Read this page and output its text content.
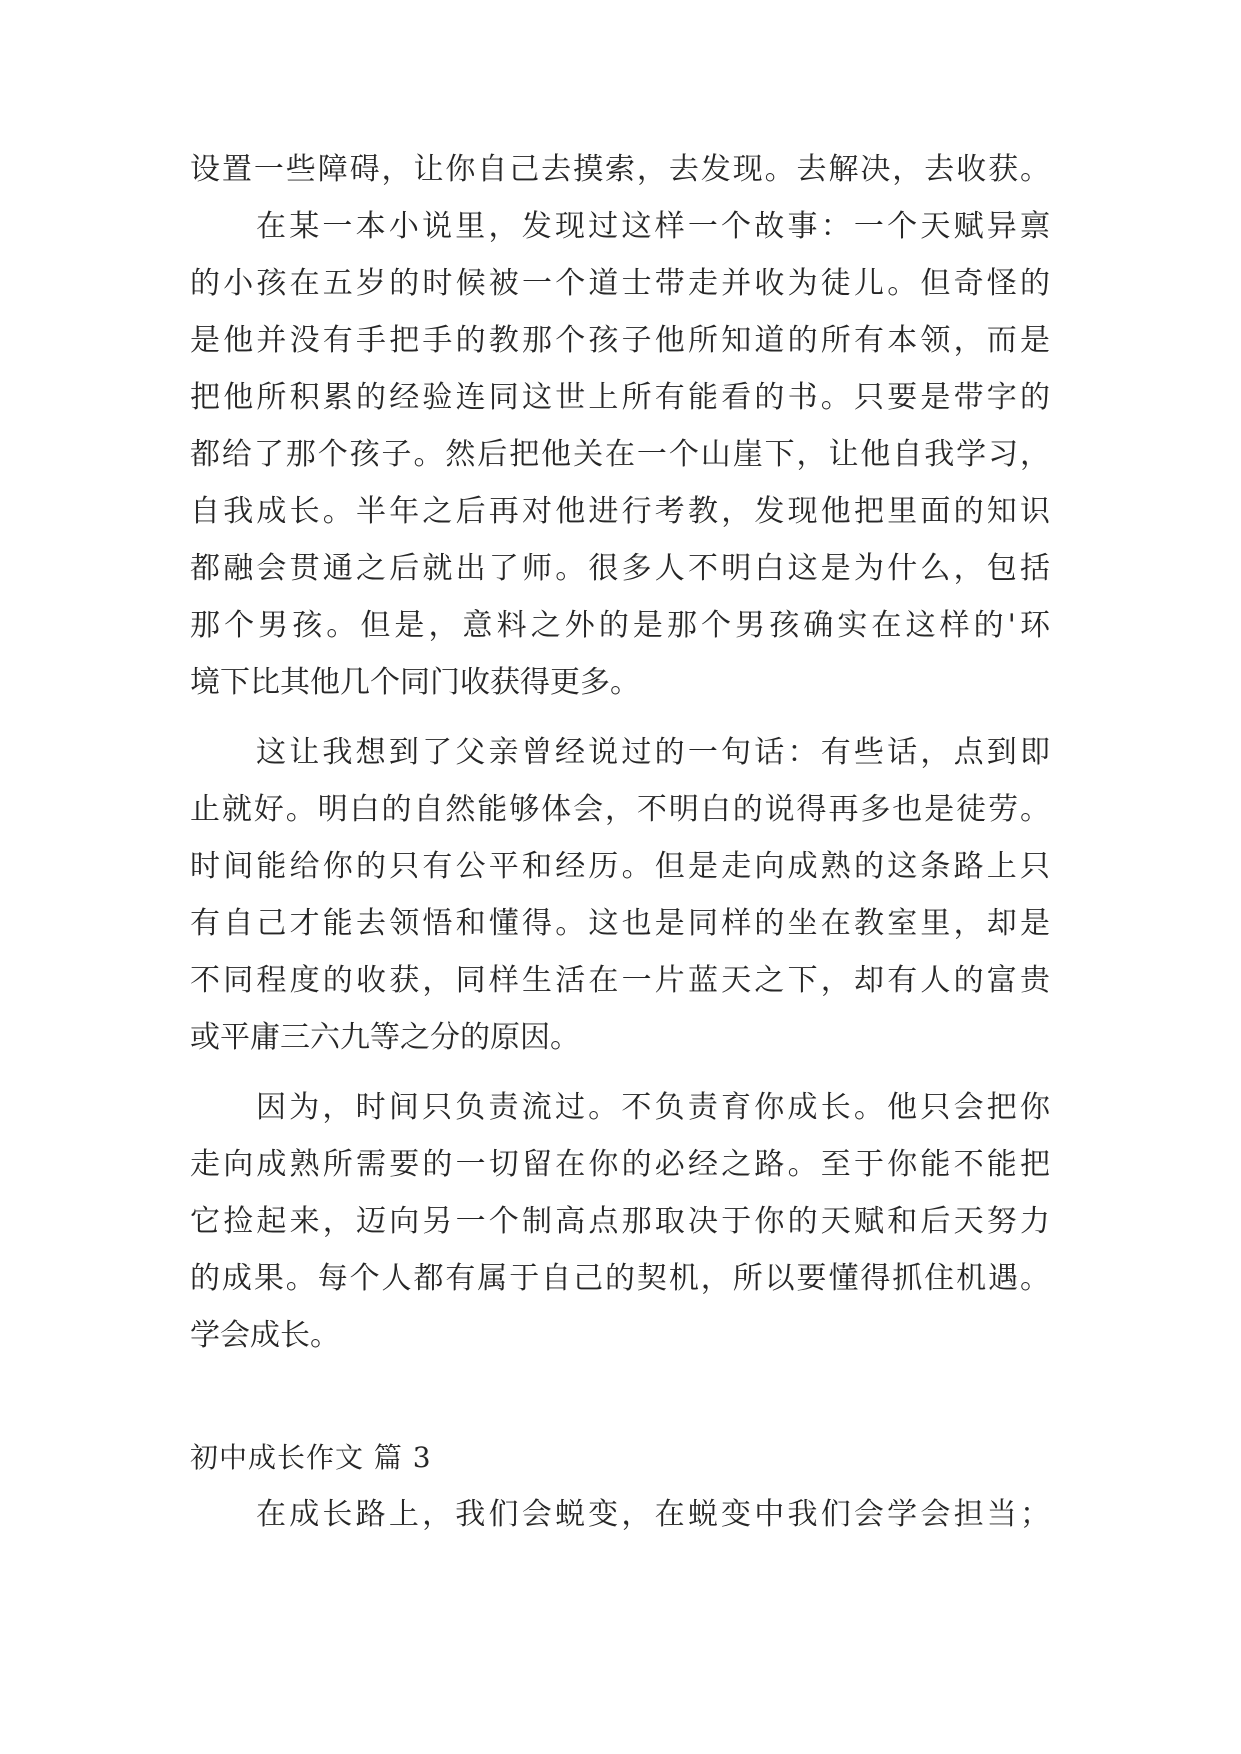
设置一些障碍，让你自己去摸索，去发现。去解决，去收获。
在某一本小说里，发现过这样一个故事：一个天赋异禀
的小孩在五岁的时候被一个道士带走并收为徒儿。但奇怪的
是他并没有手把手的教那个孩子他所知道的所有本领，而是
把他所积累的经验连同这世上所有能看的书。只要是带字的
都给了那个孩子。然后把他关在一个山崖下，让他自我学习，
自我成长。半年之后再对他进行考教，发现他把里面的知识
都融会贯通之后就出了师。很多人不明白这是为什么，包括
那个男孩。但是，意料之外的是那个男孩确实在这样的'环
境下比其他几个同门收获得更多。
这让我想到了父亲曾经说过的一句话：有些话，点到即
止就好。明白的自然能够体会，不明白的说得再多也是徒劳。
时间能给你的只有公平和经历。但是走向成熟的这条路上只
有自己才能去领悟和懂得。这也是同样的坐在教室里，却是
不同程度的收获，同样生活在一片蓝天之下，却有人的富贵
或平庸三六九等之分的原因。
因为，时间只负责流过。不负责育你成长。他只会把你
走向成熟所需要的一切留在你的必经之路。至于你能不能把
它捡起来，迈向另一个制高点那取决于你的天赋和后天努力
的成果。每个人都有属于自己的契机，所以要懂得抓住机遇。
学会成长。
初中成长作文 篇 3
在成长路上，我们会蜕变，在蜕变中我们会学会担当；
